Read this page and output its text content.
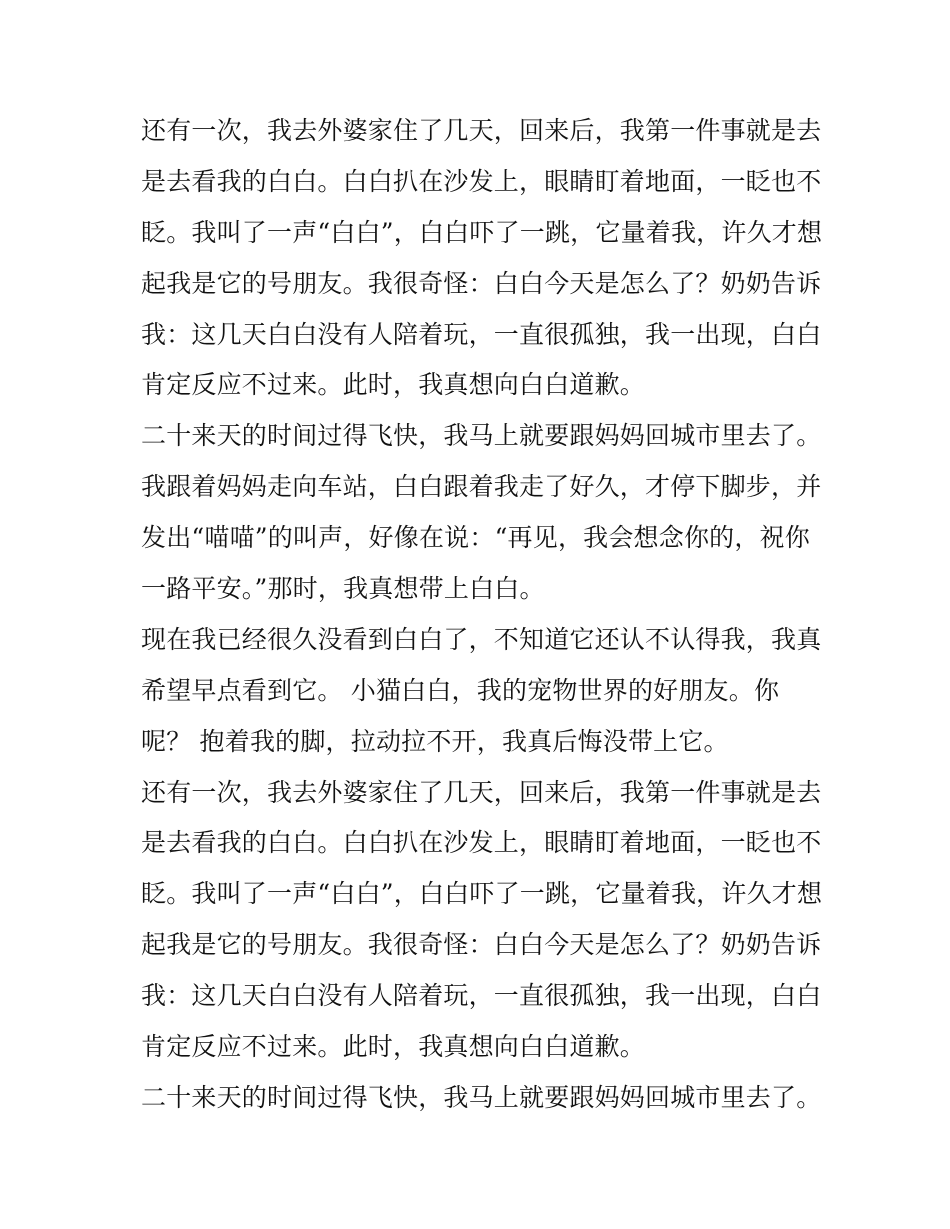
还有一次，我去外婆家住了几天，回来后，我第一件事就是去
是去看我的白白。白白扒在沙发上，眼睛盯着地面，一眨也不
眨。我叫了一声“白白”，白白吓了一跳，它量着我，许久才想
起我是它的号朋友。我很奇怪：白白今天是怎么了？奶奶告诉
我：这几天白白没有人陪着玩，一直很孤独，我一出现，白白
肯定反应不过来。此时，我真想向白白道歉。
二十来天的时间过得飞快，我马上就要跟妈妈回城市里去了。
我跟着妈妈走向车站，白白跟着我走了好久，才停下脚步，并
发出“喵喵”的叫声，好像在说：“再见，我会想念你的，祝你
一路平安。”那时，我真想带上白白。
现在我已经很久没看到白白了，不知道它还认不认得我，我真
希望早点看到它。 小猫白白，我的宠物世界的好朋友。你
呢？ 抱着我的脚，拉动拉不开，我真后悔没带上它。
还有一次，我去外婆家住了几天，回来后，我第一件事就是去
是去看我的白白。白白扒在沙发上，眼睛盯着地面，一眨也不
眨。我叫了一声“白白”，白白吓了一跳，它量着我，许久才想
起我是它的号朋友。我很奇怪：白白今天是怎么了？奶奶告诉
我：这几天白白没有人陪着玩，一直很孤独，我一出现，白白
肯定反应不过来。此时，我真想向白白道歉。
二十来天的时间过得飞快，我马上就要跟妈妈回城市里去了。
